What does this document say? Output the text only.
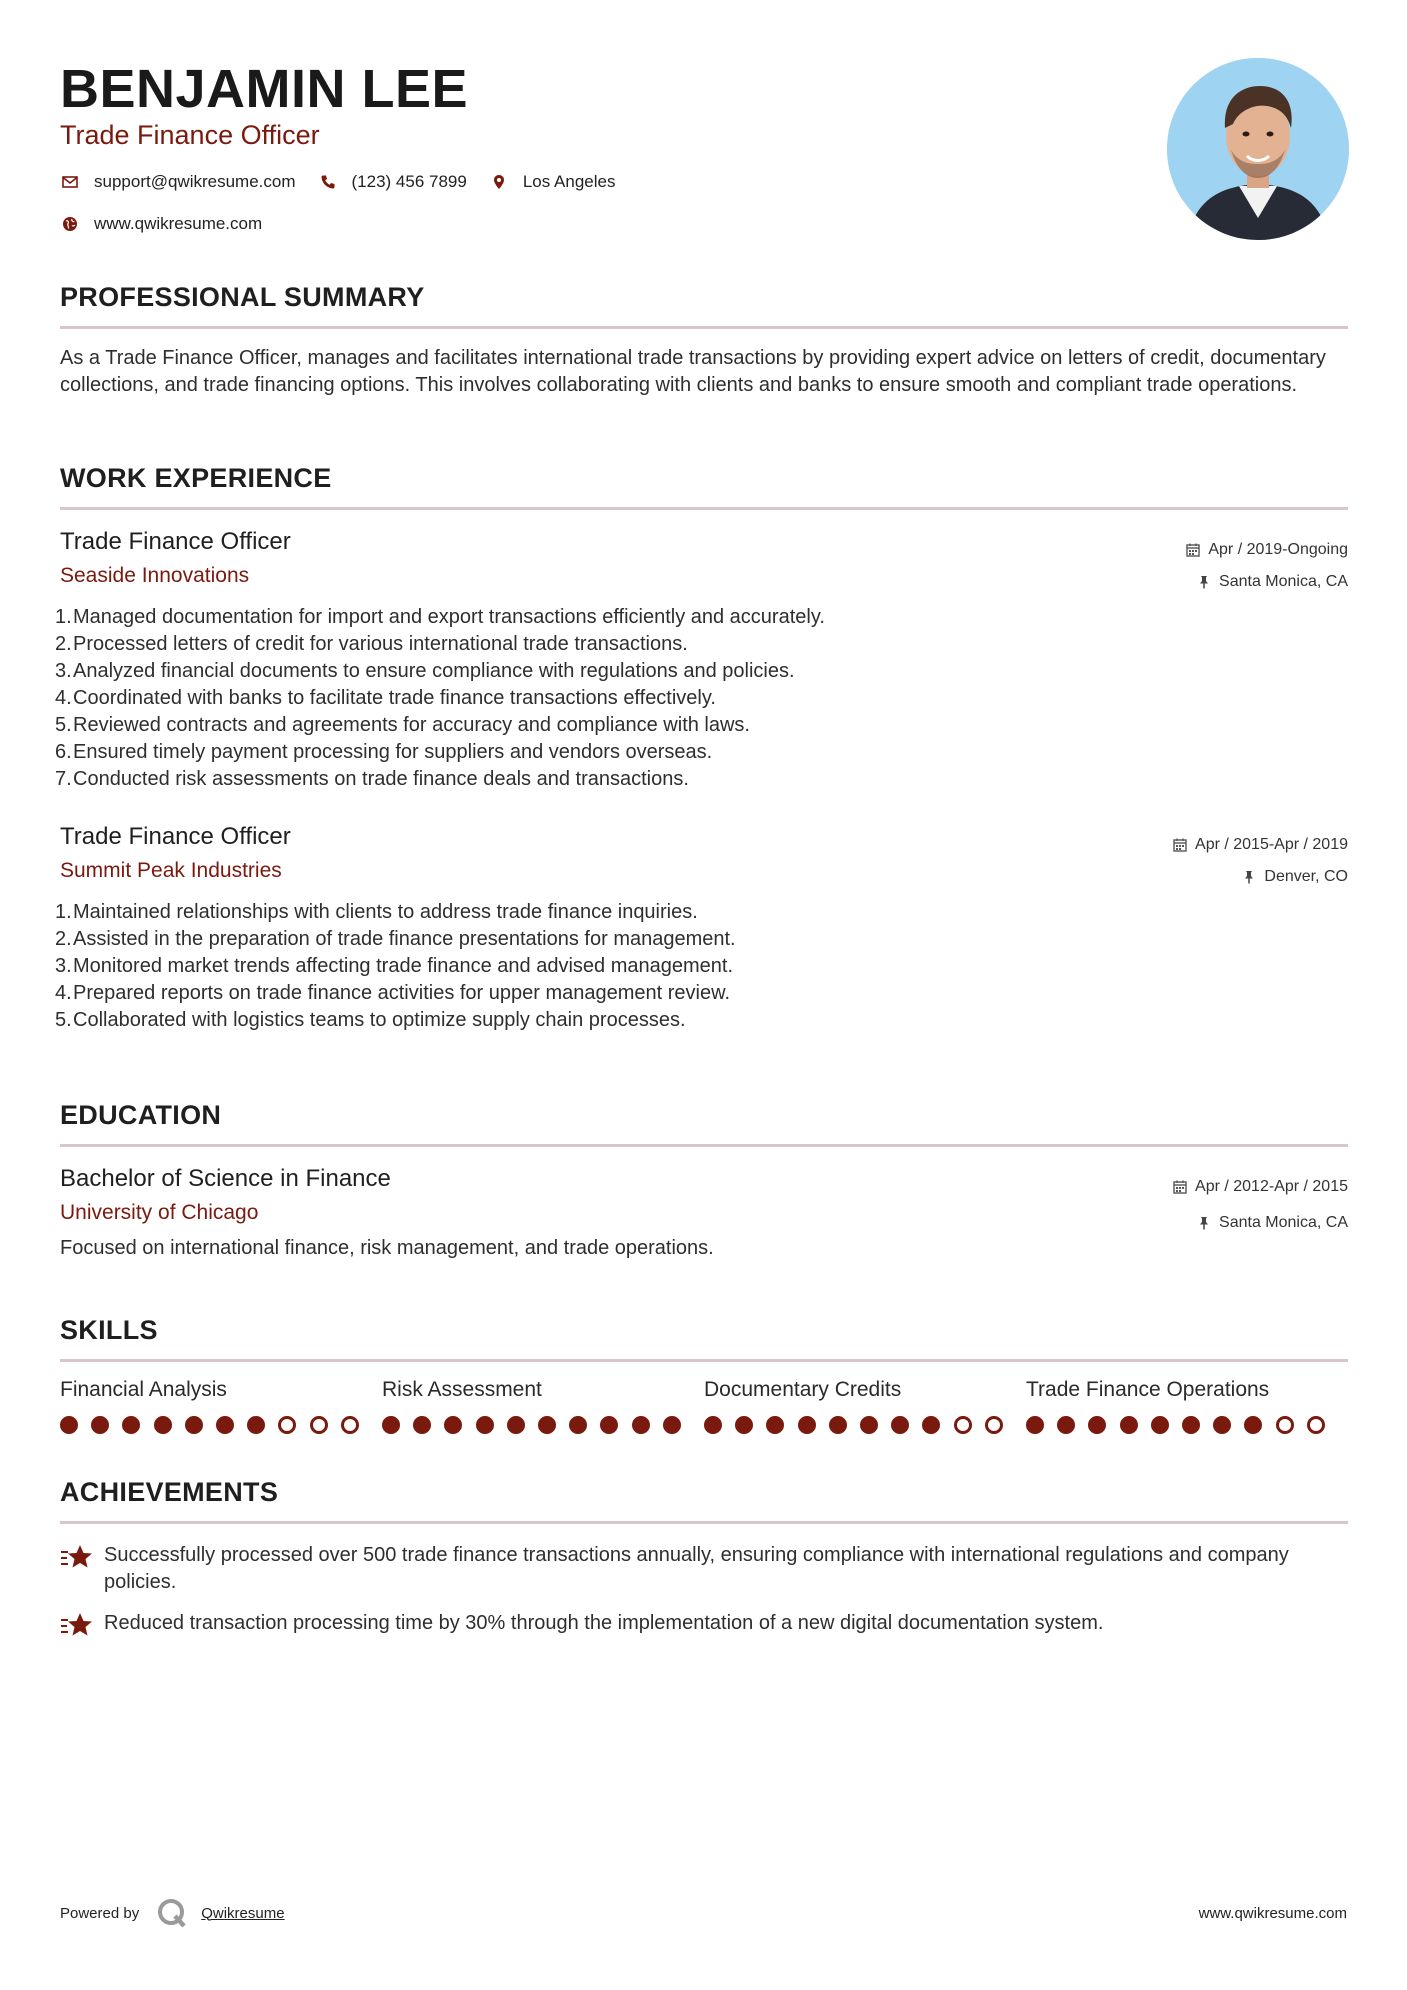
BENJAMIN LEE
Trade Finance Officer
support@qwikresume.com	(123) 456 7899	Los Angeles
www.qwikresume.com
PROFESSIONAL SUMMARY
As a Trade Finance Officer, manages and facilitates international trade transactions by providing expert advice on letters of credit, documentary collections, and trade financing options. This involves collaborating with clients and banks to ensure smooth and compliant trade operations.
WORK EXPERIENCE
Trade Finance Officer
Seaside Innovations
Apr / 2019-Ongoing
Santa Monica, CA
1. Managed documentation for import and export transactions efficiently and accurately.
2. Processed letters of credit for various international trade transactions.
3. Analyzed financial documents to ensure compliance with regulations and policies.
4. Coordinated with banks to facilitate trade finance transactions effectively.
5. Reviewed contracts and agreements for accuracy and compliance with laws.
6. Ensured timely payment processing for suppliers and vendors overseas.
7. Conducted risk assessments on trade finance deals and transactions.
Trade Finance Officer
Summit Peak Industries
Apr / 2015-Apr / 2019
Denver, CO
1. Maintained relationships with clients to address trade finance inquiries.
2. Assisted in the preparation of trade finance presentations for management.
3. Monitored market trends affecting trade finance and advised management.
4. Prepared reports on trade finance activities for upper management review.
5. Collaborated with logistics teams to optimize supply chain processes.
EDUCATION
Bachelor of Science in Finance
University of Chicago
Apr / 2012-Apr / 2015
Santa Monica, CA
Focused on international finance, risk management, and trade operations.
SKILLS
Financial Analysis	Risk Assessment	Documentary Credits	Trade Finance Operations
ACHIEVEMENTS
Successfully processed over 500 trade finance transactions annually, ensuring compliance with international regulations and company policies.
Reduced transaction processing time by 30% through the implementation of a new digital documentation system.
Powered by	Qwikresume	www.qwikresume.com
